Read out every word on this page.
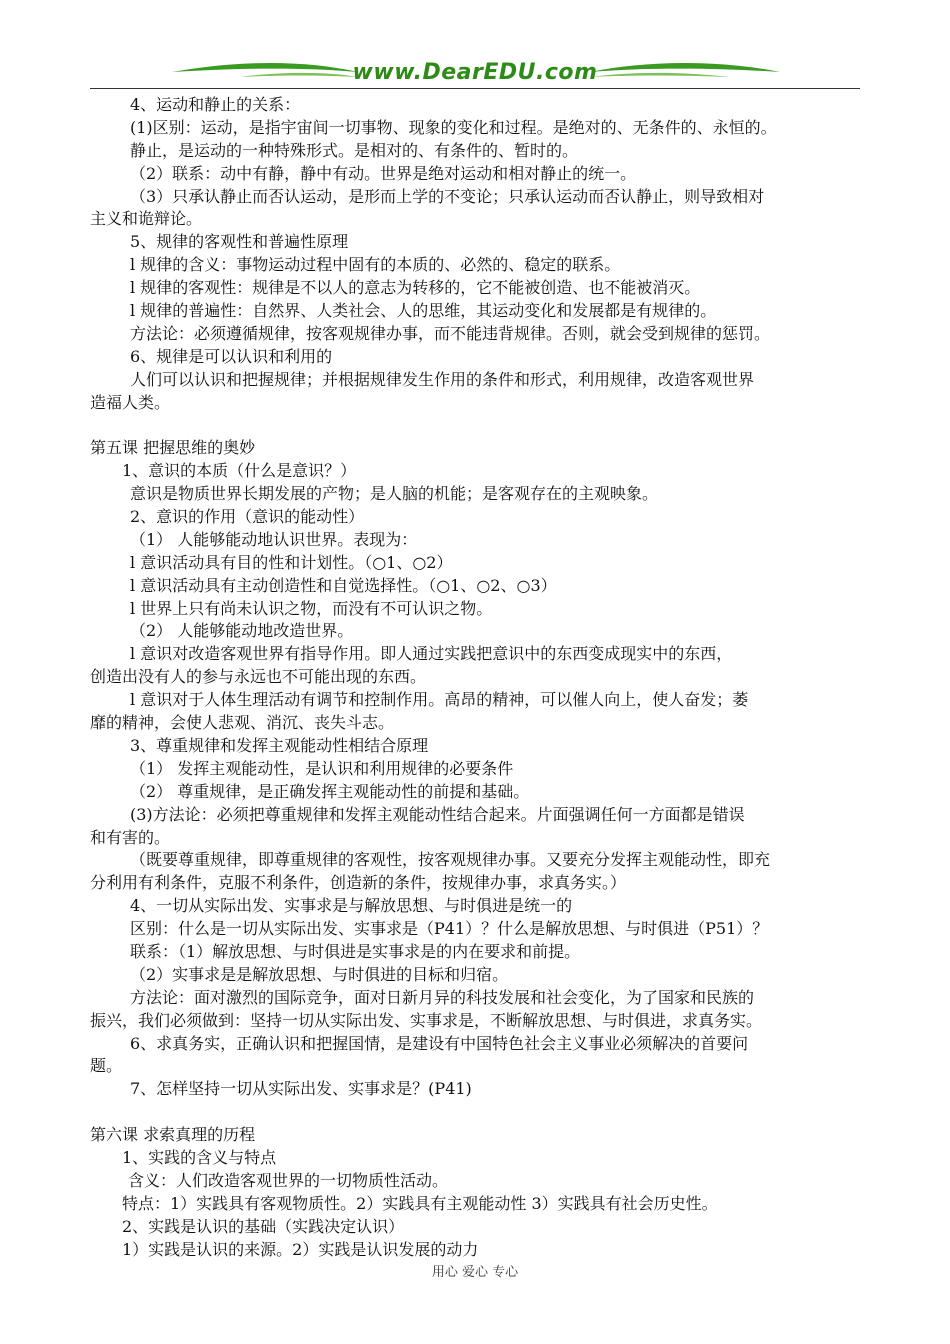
www.DearEDU.com
4、运动和静止的关系：
(1)区别：运动，是指宇宙间一切事物、现象的变化和过程。是绝对的、无条件的、永恒的。
静止，是运动的一种特殊形式。是相对的、有条件的、暂时的。
（2）联系：动中有静，静中有动。世界是绝对运动和相对静止的统一。
（3）只承认静止而否认运动，是形而上学的不变论；只承认运动而否认静止，则导致相对
主义和诡辩论。
5、规律的客观性和普遍性原理
l 规律的含义：事物运动过程中固有的本质的、必然的、稳定的联系。
l 规律的客观性：规律是不以人的意志为转移的，它不能被创造、也不能被消灭。
l 规律的普遍性：自然界、人类社会、人的思维，其运动变化和发展都是有规律的。
方法论：必须遵循规律，按客观规律办事，而不能违背规律。否则，就会受到规律的惩罚。
6、规律是可以认识和利用的
人们可以认识和把握规律；并根据规律发生作用的条件和形式，利用规律，改造客观世界
造福人类。
第五课 把握思维的奥妙
1、意识的本质（什么是意识？）
意识是物质世界长期发展的产物；是人脑的机能；是客观存在的主观映象。
2、意识的作用（意识的能动性）
（1） 人能够能动地认识世界。表现为：
l 意识活动具有目的性和计划性。（○1、○2）
l 意识活动具有主动创造性和自觉选择性。（○1、○2、○3）
l 世界上只有尚未认识之物，而没有不可认识之物。
（2） 人能够能动地改造世界。
l 意识对改造客观世界有指导作用。即人通过实践把意识中的东西变成现实中的东西，
创造出没有人的参与永远也不可能出现的东西。
l 意识对于人体生理活动有调节和控制作用。高昂的精神，可以催人向上，使人奋发；萎
靡的精神，会使人悲观、消沉、丧失斗志。
3、尊重规律和发挥主观能动性相结合原理
（1） 发挥主观能动性，是认识和利用规律的必要条件
（2） 尊重规律，是正确发挥主观能动性的前提和基础。
(3)方法论：必须把尊重规律和发挥主观能动性结合起来。片面强调任何一方面都是错误
和有害的。
（既要尊重规律，即尊重规律的客观性，按客观规律办事。又要充分发挥主观能动性，即充
分利用有利条件，克服不利条件，创造新的条件，按规律办事，求真务实。）
4、一切从实际出发、实事求是与解放思想、与时俱进是统一的
区别：什么是一切从实际出发、实事求是（P41）？什么是解放思想、与时俱进（P51）？
联系：（1）解放思想、与时俱进是实事求是的内在要求和前提。
（2）实事求是是解放思想、与时俱进的目标和归宿。
方法论：面对激烈的国际竞争，面对日新月异的科技发展和社会变化，为了国家和民族的
振兴，我们必须做到：坚持一切从实际出发、实事求是，不断解放思想、与时俱进，求真务实。
6、求真务实，正确认识和把握国情，是建设有中国特色社会主义事业必须解决的首要问
题。
7、怎样坚持一切从实际出发、实事求是？(P41)
第六课 求索真理的历程
1、实践的含义与特点
含义：人们改造客观世界的一切物质性活动。
特点：1）实践具有客观物质性。2）实践具有主观能动性 3）实践具有社会历史性。
2、实践是认识的基础（实践决定认识）
1）实践是认识的来源。2）实践是认识发展的动力
用心 爱心 专心
